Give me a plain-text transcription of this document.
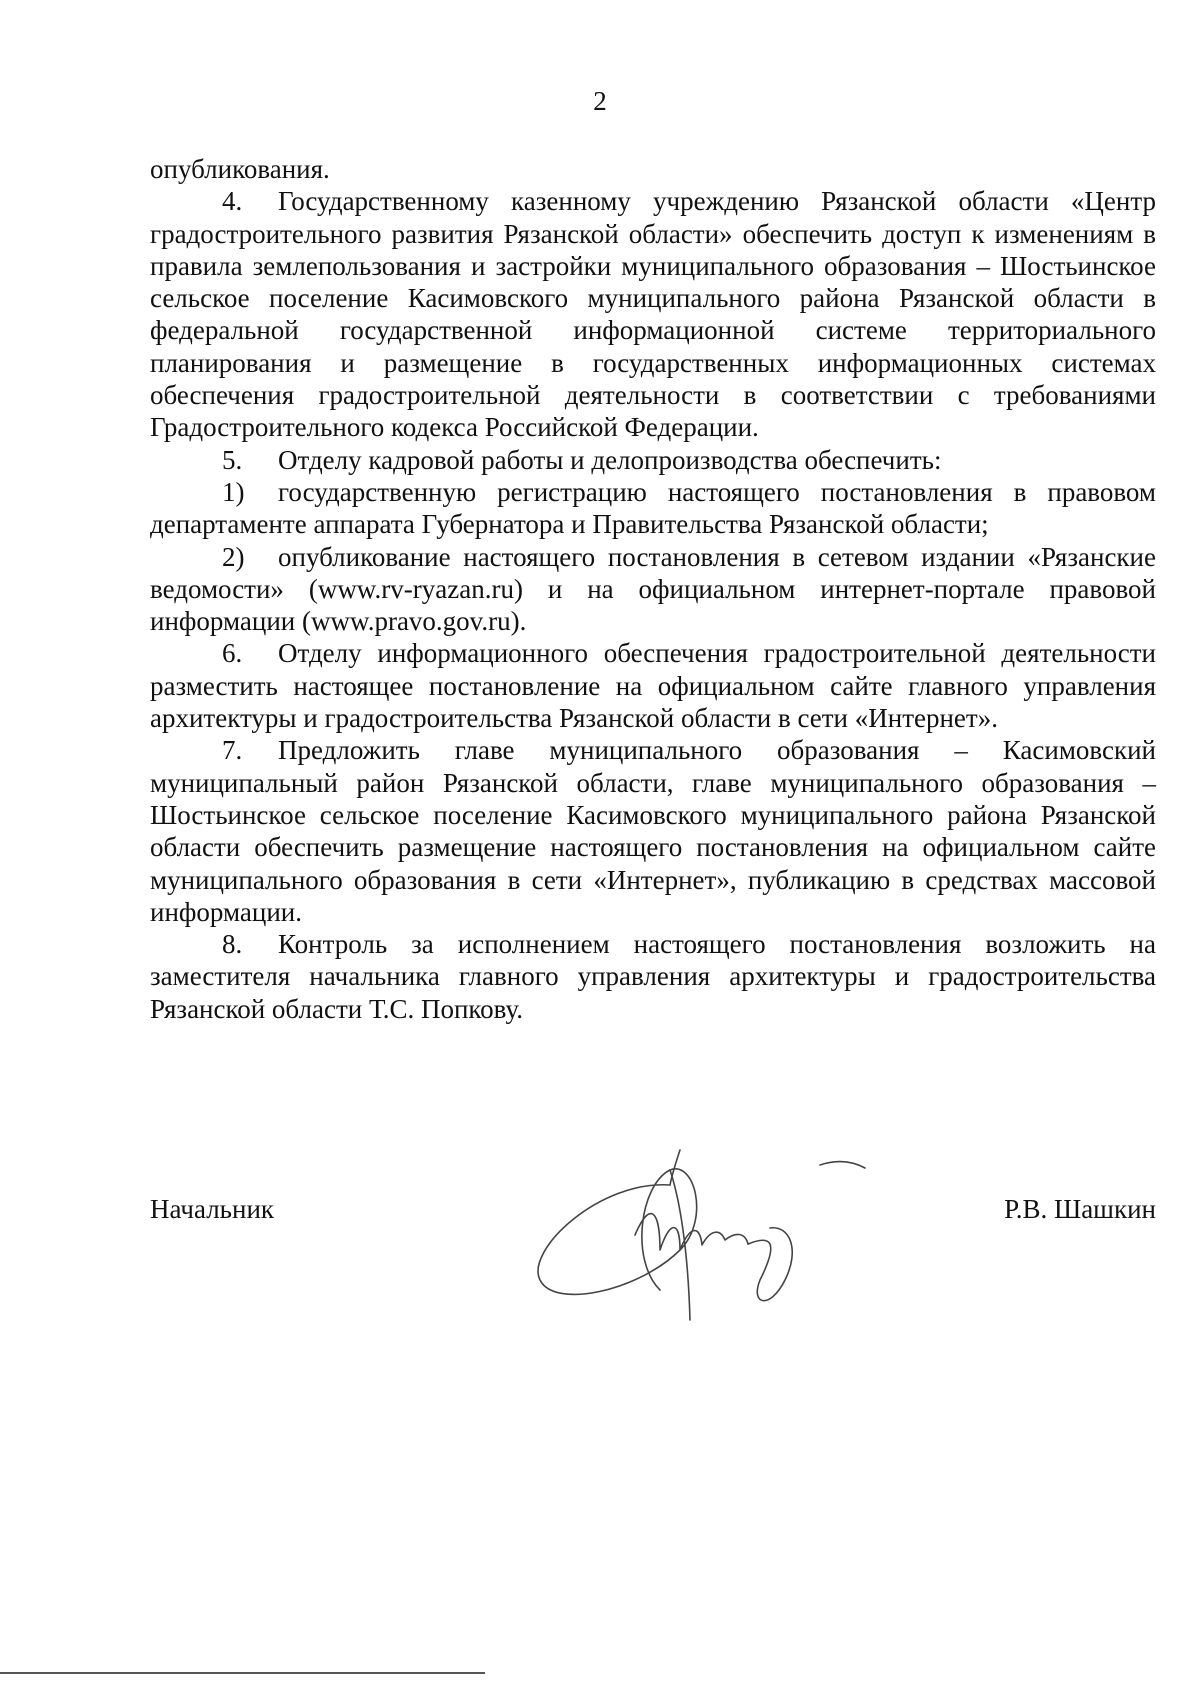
2

опубликования.

4. Государственному казенному учреждению Рязанской области «Центр градостроительного развития Рязанской области» обеспечить доступ к изменениям в правила землепользования и застройки муниципального образования – Шостьинское сельское поселение Касимовского муниципального района Рязанской области в федеральной государственной информационной системе территориального планирования и размещение в государственных информационных системах обеспечения градостроительной деятельности в соответствии с требованиями Градостроительного кодекса Российской Федерации.

5. Отделу кадровой работы и делопроизводства обеспечить:

1) государственную регистрацию настоящего постановления в правовом департаменте аппарата Губернатора и Правительства Рязанской области;

2) опубликование настоящего постановления в сетевом издании «Рязанские ведомости» (www.rv-ryazan.ru) и на официальном интернет-портале правовой информации (www.pravo.gov.ru).

6. Отделу информационного обеспечения градостроительной деятельности разместить настоящее постановление на официальном сайте главного управления архитектуры и градостроительства Рязанской области в сети «Интернет».

7. Предложить главе муниципального образования – Касимовский муниципальный район Рязанской области, главе муниципального образования – Шостьинское сельское поселение Касимовского муниципального района Рязанской области обеспечить размещение настоящего постановления на официальном сайте муниципального образования в сети «Интернет», публикацию в средствах массовой информации.

8. Контроль за исполнением настоящего постановления возложить на заместителя начальника главного управления архитектуры и градостроительства Рязанской области Т.С. Попкову.

Начальник	Р.В. Шашкин
